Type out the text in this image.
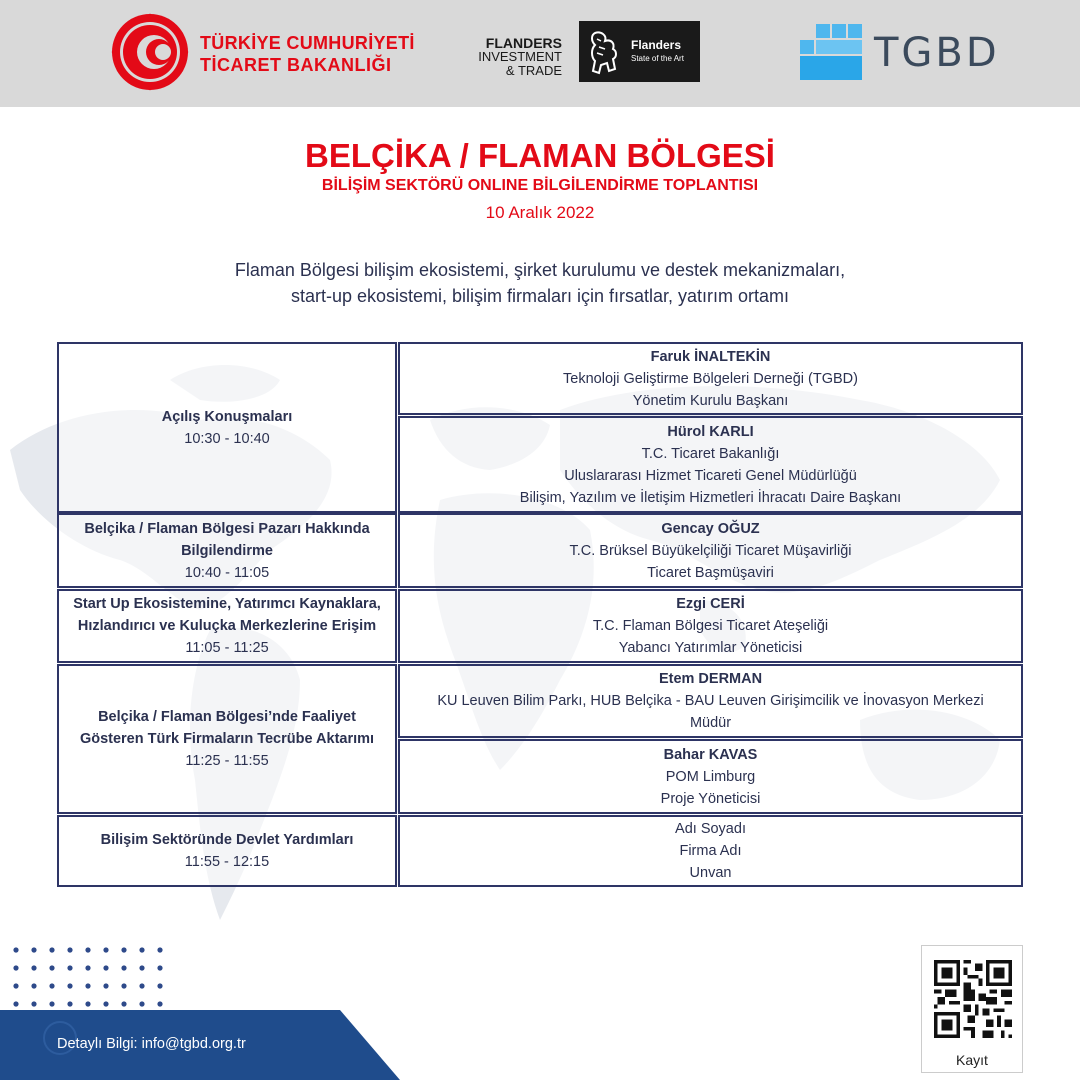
TÜRKİYE CUMHURİYETİ
TİCARET BAKANLIĞI
FLANDERS
INVESTMENT
& TRADE
Flanders
State of the Art	TGBD
BELÇİKA / FLAMAN BÖLGESİ
BİLİŞİM SEKTÖRÜ ONLINE BİLGİLENDİRME TOPLANTISI
10 Aralık 2022
Flaman Bölgesi bilişim ekosistemi, şirket kurulumu ve destek mekanizmaları,
start-up ekosistemi, bilişim firmaları için fırsatlar, yatırım ortamı
Açılış Konuşmaları
10:30 - 10:40
Belçika / Flaman Bölgesi Pazarı Hakkında
Bilgilendirme
10:40 - 11:05
Start Up Ekosistemine, Yatırımcı Kaynaklara,
Hızlandırıcı ve Kuluçka Merkezlerine Erişim
11:05 - 11:25
Belçika / Flaman Bölgesi’nde Faaliyet
Gösteren Türk Firmaların Tecrübe Aktarımı
11:25 - 11:55
Bilişim Sektöründe Devlet Yardımları
11:55 - 12:15
Faruk İNALTEKİN
Teknoloji Geliştirme Bölgeleri Derneği (TGBD)
Yönetim Kurulu Başkanı
Hürol KARLI
T.C. Ticaret Bakanlığı
Uluslararası Hizmet Ticareti Genel Müdürlüğü
Bilişim, Yazılım ve İletişim Hizmetleri İhracatı Daire Başkanı
Gencay OĞUZ
T.C. Brüksel Büyükelçiliği Ticaret Müşavirliği
Ticaret Başmüşaviri
Ezgi CERİ
T.C. Flaman Bölgesi Ticaret Ateşeliği
Yabancı Yatırımlar Yöneticisi
Etem DERMAN
KU Leuven Bilim Parkı, HUB Belçika - BAU Leuven Girişimcilik ve İnovasyon Merkezi
Müdür
Bahar KAVAS
POM Limburg
Proje Yöneticisi
Adı Soyadı
Firma Adı
Unvan
Detaylı Bilgi: info@tgbd.org.tr
Kayıt
